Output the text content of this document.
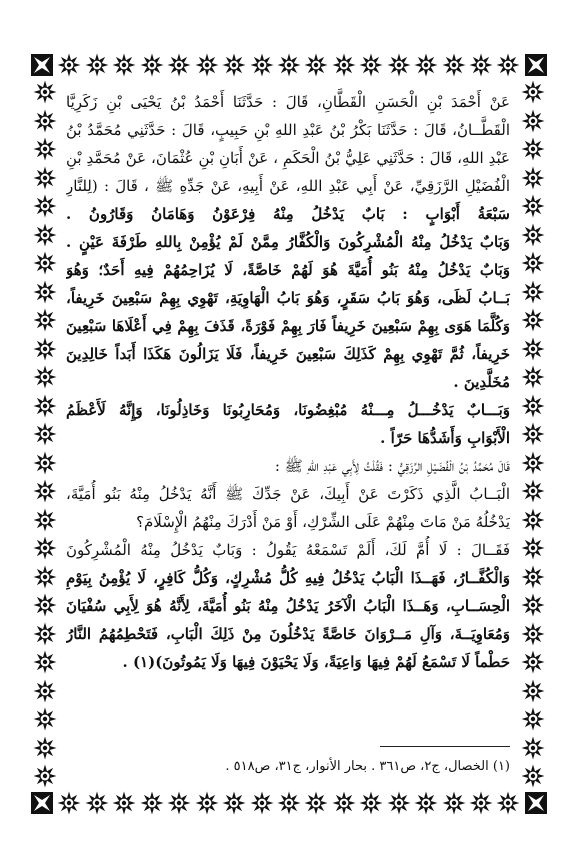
عَنْ أَحْمَدَ بْنِ الْحَسَنِ الْقَطَّانِ، قَالَ : حَدَّثَنَا أَحْمَدُ بْنُ يَحْيَى بْنِ زَكَرِيَّا
الْقَطَّــانُ، قَالَ : حَدَّثَنَا بَكْرُ بْنُ عَبْدِ اللهِ بْنِ حَبِيبٍ، قَالَ : حَدَّثَنِي مُحَمَّدُ بْنُ
عَبْدِ اللهِ، قَالَ : حَدَّثَنِي عَلِيُّ بْنُ الْحَكَمِ ، عَنْ أَبَانِ بْنِ عُثْمَانَ، عَنْ مُحَمَّدِ بْنِ
الْفُضَيْلِ الرَّزَقِيِّ، عَنْ أَبِي عَبْدِ اللهِ، عَنْ أَبِيهِ، عَنْ جَدِّهِ ﷺ ، قَالَ : (لِلنَّارِ
سَبْعَةُ أَبْوَابٍ : بَابٌ يَدْخُلُ مِنْهُ فِرْعَوْنُ وَهَامَانُ وَقَارُونُ .
وَبَابٌ يَدْخُلُ مِنْهُ الْمُشْرِكُونَ وَالْكُفَّارُ مِمَّنْ لَمْ يُؤْمِنْ بِاللهِ طَرْفَةَ عَيْنٍ .
وَبَابٌ يَدْخُلُ مِنْهُ بَنُو أُمَيَّةَ هُوَ لَهُمْ خَاصَّةً، لَا يُزَاحِمُهُمْ فِيهِ أَحَدٌ؛ وَهُوَ
بَــابُ لَظَى، وَهُوَ بَابُ سَقَرٍ، وَهُوَ بَابُ الْهَاوِيَةِ، تَهْوِي بِهِمْ سَبْعِينَ خَرِيفاً،
وَكُلَّمَا هَوَى بِهِمْ سَبْعِينَ خَرِيفاً فَارَ بِهِمْ فَوْرَةً، قَذَفَ بِهِمْ فِي أَعْلَاهَا سَبْعِينَ
خَرِيفاً، ثُمَّ تَهْوِي بِهِمْ كَذَلِكَ سَبْعِينَ خَرِيفاً، فَلَا يَزَالُونَ هَكَذَا أَبَداً خَالِدِينَ
مُخَلَّدِينَ .
وَبَـــابٌ يَدْخُـــلُ مِـــنْهُ مُبْغِضُونَا، وَمُحَارِبُونَا وَخَاذِلُونَا، وَإِنَّهُ لَأَعْظَمُ
الْأَبْوَابِ وَأَشَدُّهَا حَرّاً .
قَالَ مُحَمَّدُ بْنُ الْفُضَيْلِ الرَّزَقِيُّ : فَقُلْتُ لِأَبِي عَبْدِ اللهِ ﷺ :
الْبَــابُ الَّذِي ذَكَرْتَ عَنْ أَبِيكَ، عَنْ جَدِّكَ ﷺ أَنَّهُ يَدْخُلُ مِنْهُ بَنُو أُمَيَّةَ،
يَدْخُلُهُ مَنْ مَاتَ مِنْهُمْ عَلَى الشِّرْكِ، أَوْ مَنْ أَدْرَكَ مِنْهُمُ الْإِسْلَامَ؟
فَقَــالَ : لَا أُمَّ لَكَ، أَلَمْ تَسْمَعْهُ يَقُولُ : وَبَابٌ يَدْخُلُ مِنْهُ الْمُشْرِكُونَ
وَالْكُفَّــارُ، فَهَــذَا الْبَابُ يَدْخُلُ فِيهِ كُلُّ مُشْرِكٍ، وَكُلُّ كَافِرٍ، لَا يُؤْمِنُ بِيَوْمِ
الْحِسَــابِ، وَهَــذَا الْبَابُ الْآخَرُ يَدْخُلُ مِنْهُ بَنُو أُمَيَّةَ، لِأَنَّهُ هُوَ لِأَبِي سُفْيَانَ
وَمُعَاوِيَــةَ، وَآلِ مَــرْوَانَ خَاصَّةً يَدْخُلُونَ مِنْ ذَلِكَ الْبَابِ، فَتَحْطِمُهُمُ النَّارُ
حَطْماً لَا تَسْمَعُ لَهُمْ فِيهَا وَاعِيَةً، وَلَا يَحْيَوْنَ فِيهَا وَلَا يَمُوتُونَ)(١) .
(١) الخصال، ج٢، ص٣٦١ . بحار الأنوار، ج٣١، ص٥١٨ .
